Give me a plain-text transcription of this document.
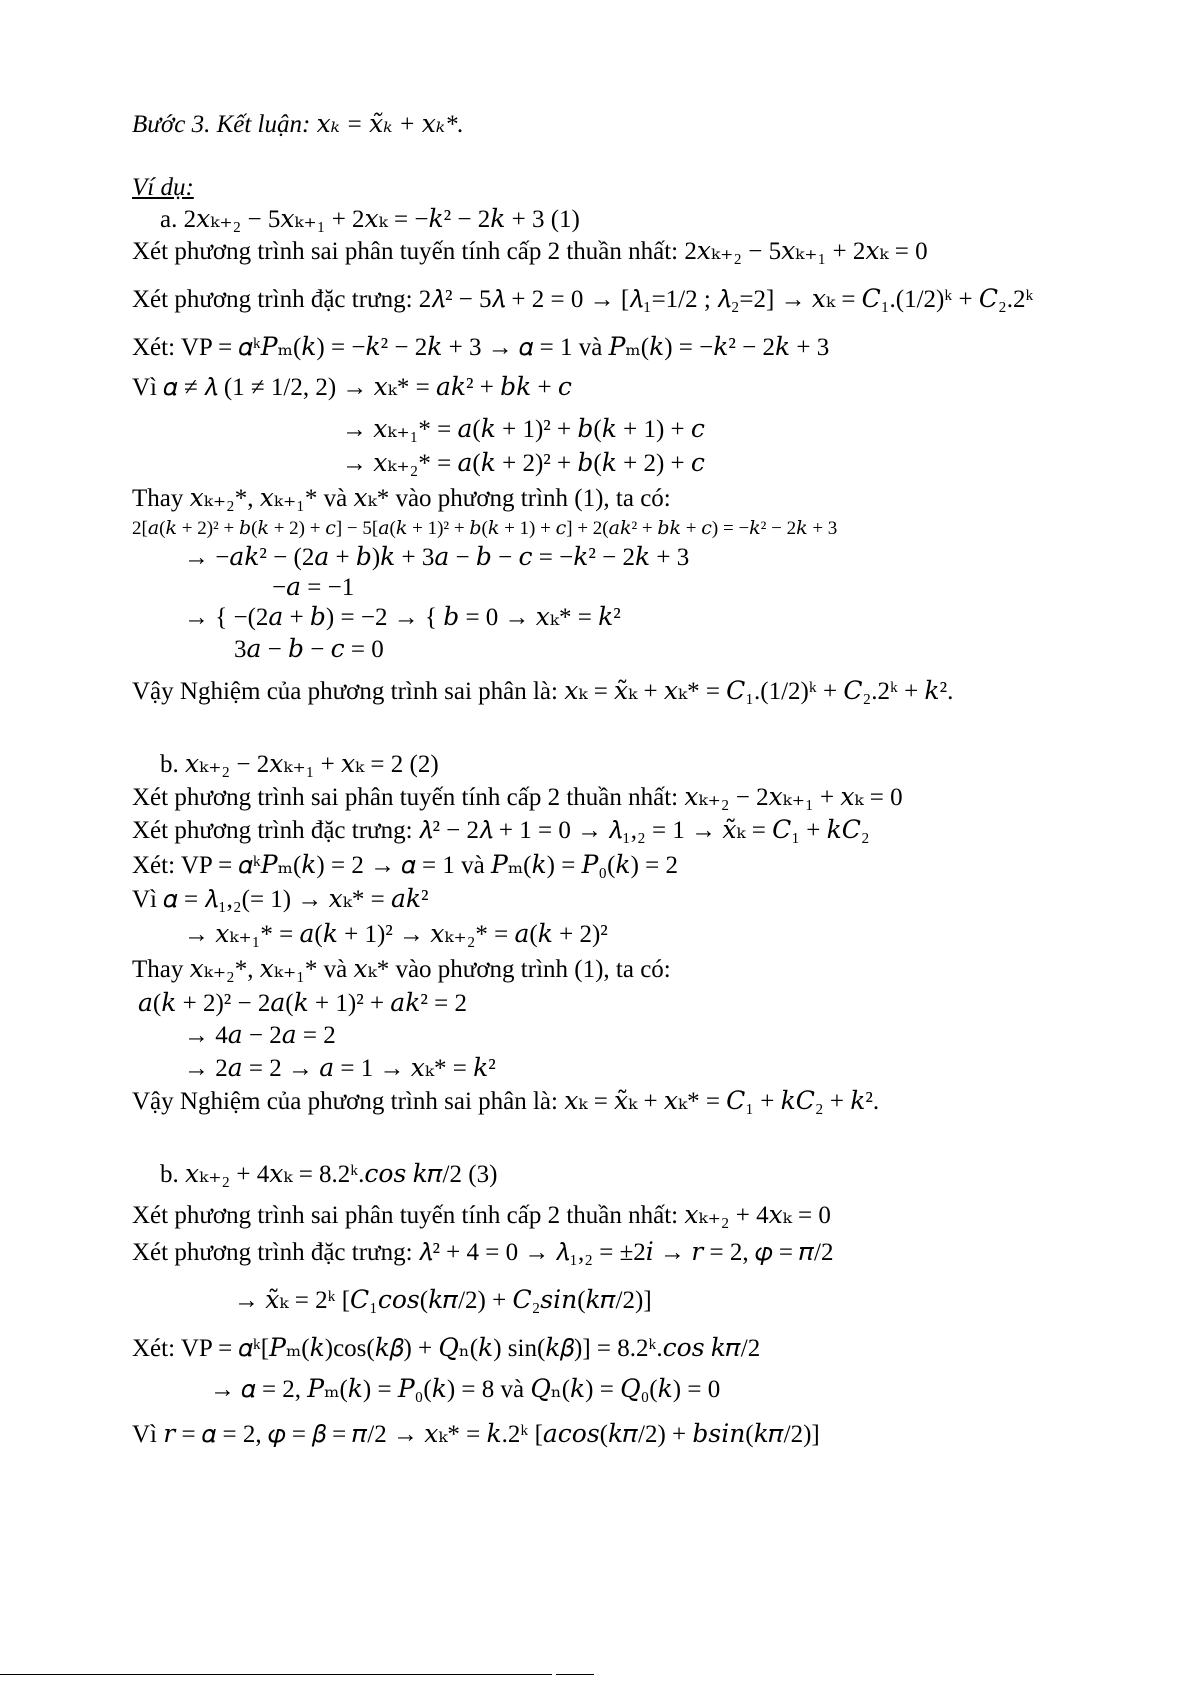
Bước 3. Kết luận: 𝑥ₖ = 𝑥̃ₖ + 𝑥ₖ*.
Ví dụ:
a. 2𝑥ₖ₊₂ − 5𝑥ₖ₊₁ + 2𝑥ₖ = −𝑘² − 2𝑘 + 3 (1)
Xét phương trình sai phân tuyến tính cấp 2 thuần nhất: 2𝑥ₖ₊₂ − 5𝑥ₖ₊₁ + 2𝑥ₖ = 0
Xét phương trình đặc trưng: 2𝜆² − 5𝜆 + 2 = 0 → [𝜆₁=1/2 ; 𝜆₂=2] → 𝑥ₖ = 𝐶₁.(1/2)ᵏ + 𝐶₂.2ᵏ
Xét: VP = 𝛼ᵏ𝑃ₘ(𝑘) = −𝑘² − 2𝑘 + 3 → 𝛼 = 1 và 𝑃ₘ(𝑘) = −𝑘² − 2𝑘 + 3
Vì 𝛼 ≠ 𝜆 (1 ≠ 1/2, 2) → 𝑥ₖ* = 𝑎𝑘² + 𝑏𝑘 + 𝑐
→ 𝑥ₖ₊₁* = 𝑎(𝑘 + 1)² + 𝑏(𝑘 + 1) + 𝑐
→ 𝑥ₖ₊₂* = 𝑎(𝑘 + 2)² + 𝑏(𝑘 + 2) + 𝑐
Thay 𝑥ₖ₊₂*, 𝑥ₖ₊₁* và 𝑥ₖ* vào phương trình (1), ta có:
2[𝑎(𝑘 + 2)² + 𝑏(𝑘 + 2) + 𝑐] − 5[𝑎(𝑘 + 1)² + 𝑏(𝑘 + 1) + 𝑐] + 2(𝑎𝑘² + 𝑏𝑘 + 𝑐) = −𝑘² − 2𝑘 + 3
→ −𝑎𝑘² − (2𝑎 + 𝑏)𝑘 + 3𝑎 − 𝑏 − 𝑐 = −𝑘² − 2𝑘 + 3
−𝑎 = −1
→ { −(2𝑎 + 𝑏) = −2 → { 𝑏 = 0 → 𝑥ₖ* = 𝑘²
3𝑎 − 𝑏 − 𝑐 = 0
Vậy Nghiệm của phương trình sai phân là: 𝑥ₖ = 𝑥̃ₖ + 𝑥ₖ* = 𝐶₁.(1/2)ᵏ + 𝐶₂.2ᵏ + 𝑘².
b. 𝑥ₖ₊₂ − 2𝑥ₖ₊₁ + 𝑥ₖ = 2 (2)
Xét phương trình sai phân tuyến tính cấp 2 thuần nhất: 𝑥ₖ₊₂ − 2𝑥ₖ₊₁ + 𝑥ₖ = 0
Xét phương trình đặc trưng: 𝜆² − 2𝜆 + 1 = 0 → 𝜆₁,₂ = 1 → 𝑥̃ₖ = 𝐶₁ + 𝑘𝐶₂
Xét: VP = 𝛼ᵏ𝑃ₘ(𝑘) = 2 → 𝛼 = 1 và 𝑃ₘ(𝑘) = 𝑃₀(𝑘) = 2
Vì 𝛼 = 𝜆₁,₂(= 1) → 𝑥ₖ* = 𝑎𝑘²
→ 𝑥ₖ₊₁* = 𝑎(𝑘 + 1)² → 𝑥ₖ₊₂* = 𝑎(𝑘 + 2)²
Thay 𝑥ₖ₊₂*, 𝑥ₖ₊₁* và 𝑥ₖ* vào phương trình (1), ta có:
𝑎(𝑘 + 2)² − 2𝑎(𝑘 + 1)² + 𝑎𝑘² = 2
→ 4𝑎 − 2𝑎 = 2
→ 2𝑎 = 2 → 𝑎 = 1 → 𝑥ₖ* = 𝑘²
Vậy Nghiệm của phương trình sai phân là: 𝑥ₖ = 𝑥̃ₖ + 𝑥ₖ* = 𝐶₁ + 𝑘𝐶₂ + 𝑘².
b. 𝑥ₖ₊₂ + 4𝑥ₖ = 8.2ᵏ.𝑐𝑜𝑠 𝑘𝜋/2 (3)
Xét phương trình sai phân tuyến tính cấp 2 thuần nhất: 𝑥ₖ₊₂ + 4𝑥ₖ = 0
Xét phương trình đặc trưng: 𝜆² + 4 = 0 → 𝜆₁,₂ = ±2𝑖 → 𝑟 = 2, 𝜑 = 𝜋/2
→ 𝑥̃ₖ = 2ᵏ [𝐶₁𝑐𝑜𝑠(𝑘𝜋/2) + 𝐶₂𝑠𝑖𝑛(𝑘𝜋/2)]
Xét: VP = 𝛼ᵏ[𝑃ₘ(𝑘)cos(𝑘𝛽) + 𝑄ₙ(𝑘) sin(𝑘𝛽)] = 8.2ᵏ.𝑐𝑜𝑠 𝑘𝜋/2
→ 𝛼 = 2, 𝑃ₘ(𝑘) = 𝑃₀(𝑘) = 8 và 𝑄ₙ(𝑘) = 𝑄₀(𝑘) = 0
Vì 𝑟 = 𝛼 = 2, 𝜑 = 𝛽 = 𝜋/2 → 𝑥ₖ* = 𝑘.2ᵏ [𝑎𝑐𝑜𝑠(𝑘𝜋/2) + 𝑏𝑠𝑖𝑛(𝑘𝜋/2)]
